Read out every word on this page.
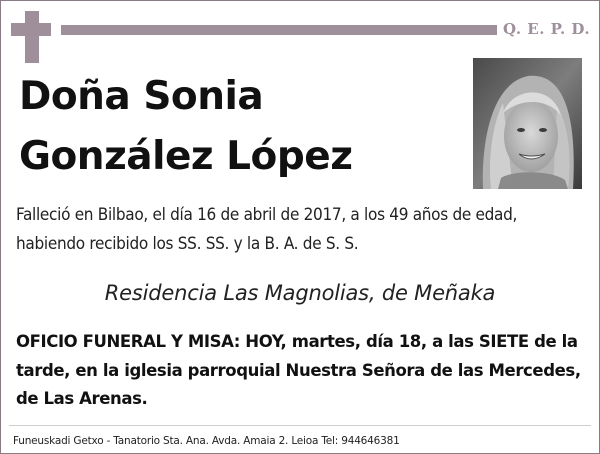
Q. E. P. D.
Doña Sonia
González López
Falleció en Bilbao, el día 16 de abril de 2017, a los 49 años de edad, habiendo recibido los SS. SS. y la B. A. de S. S.
Residencia Las Magnolias, de Meñaka
OFICIO FUNERAL Y MISA: HOY, martes, día 18, a las SIETE de la tarde, en la iglesia parroquial Nuestra Señora de las Mercedes, de Las Arenas.
Funeuskadi Getxo - Tanatorio Sta. Ana. Avda. Amaia 2. Leioa Tel: 944646381
